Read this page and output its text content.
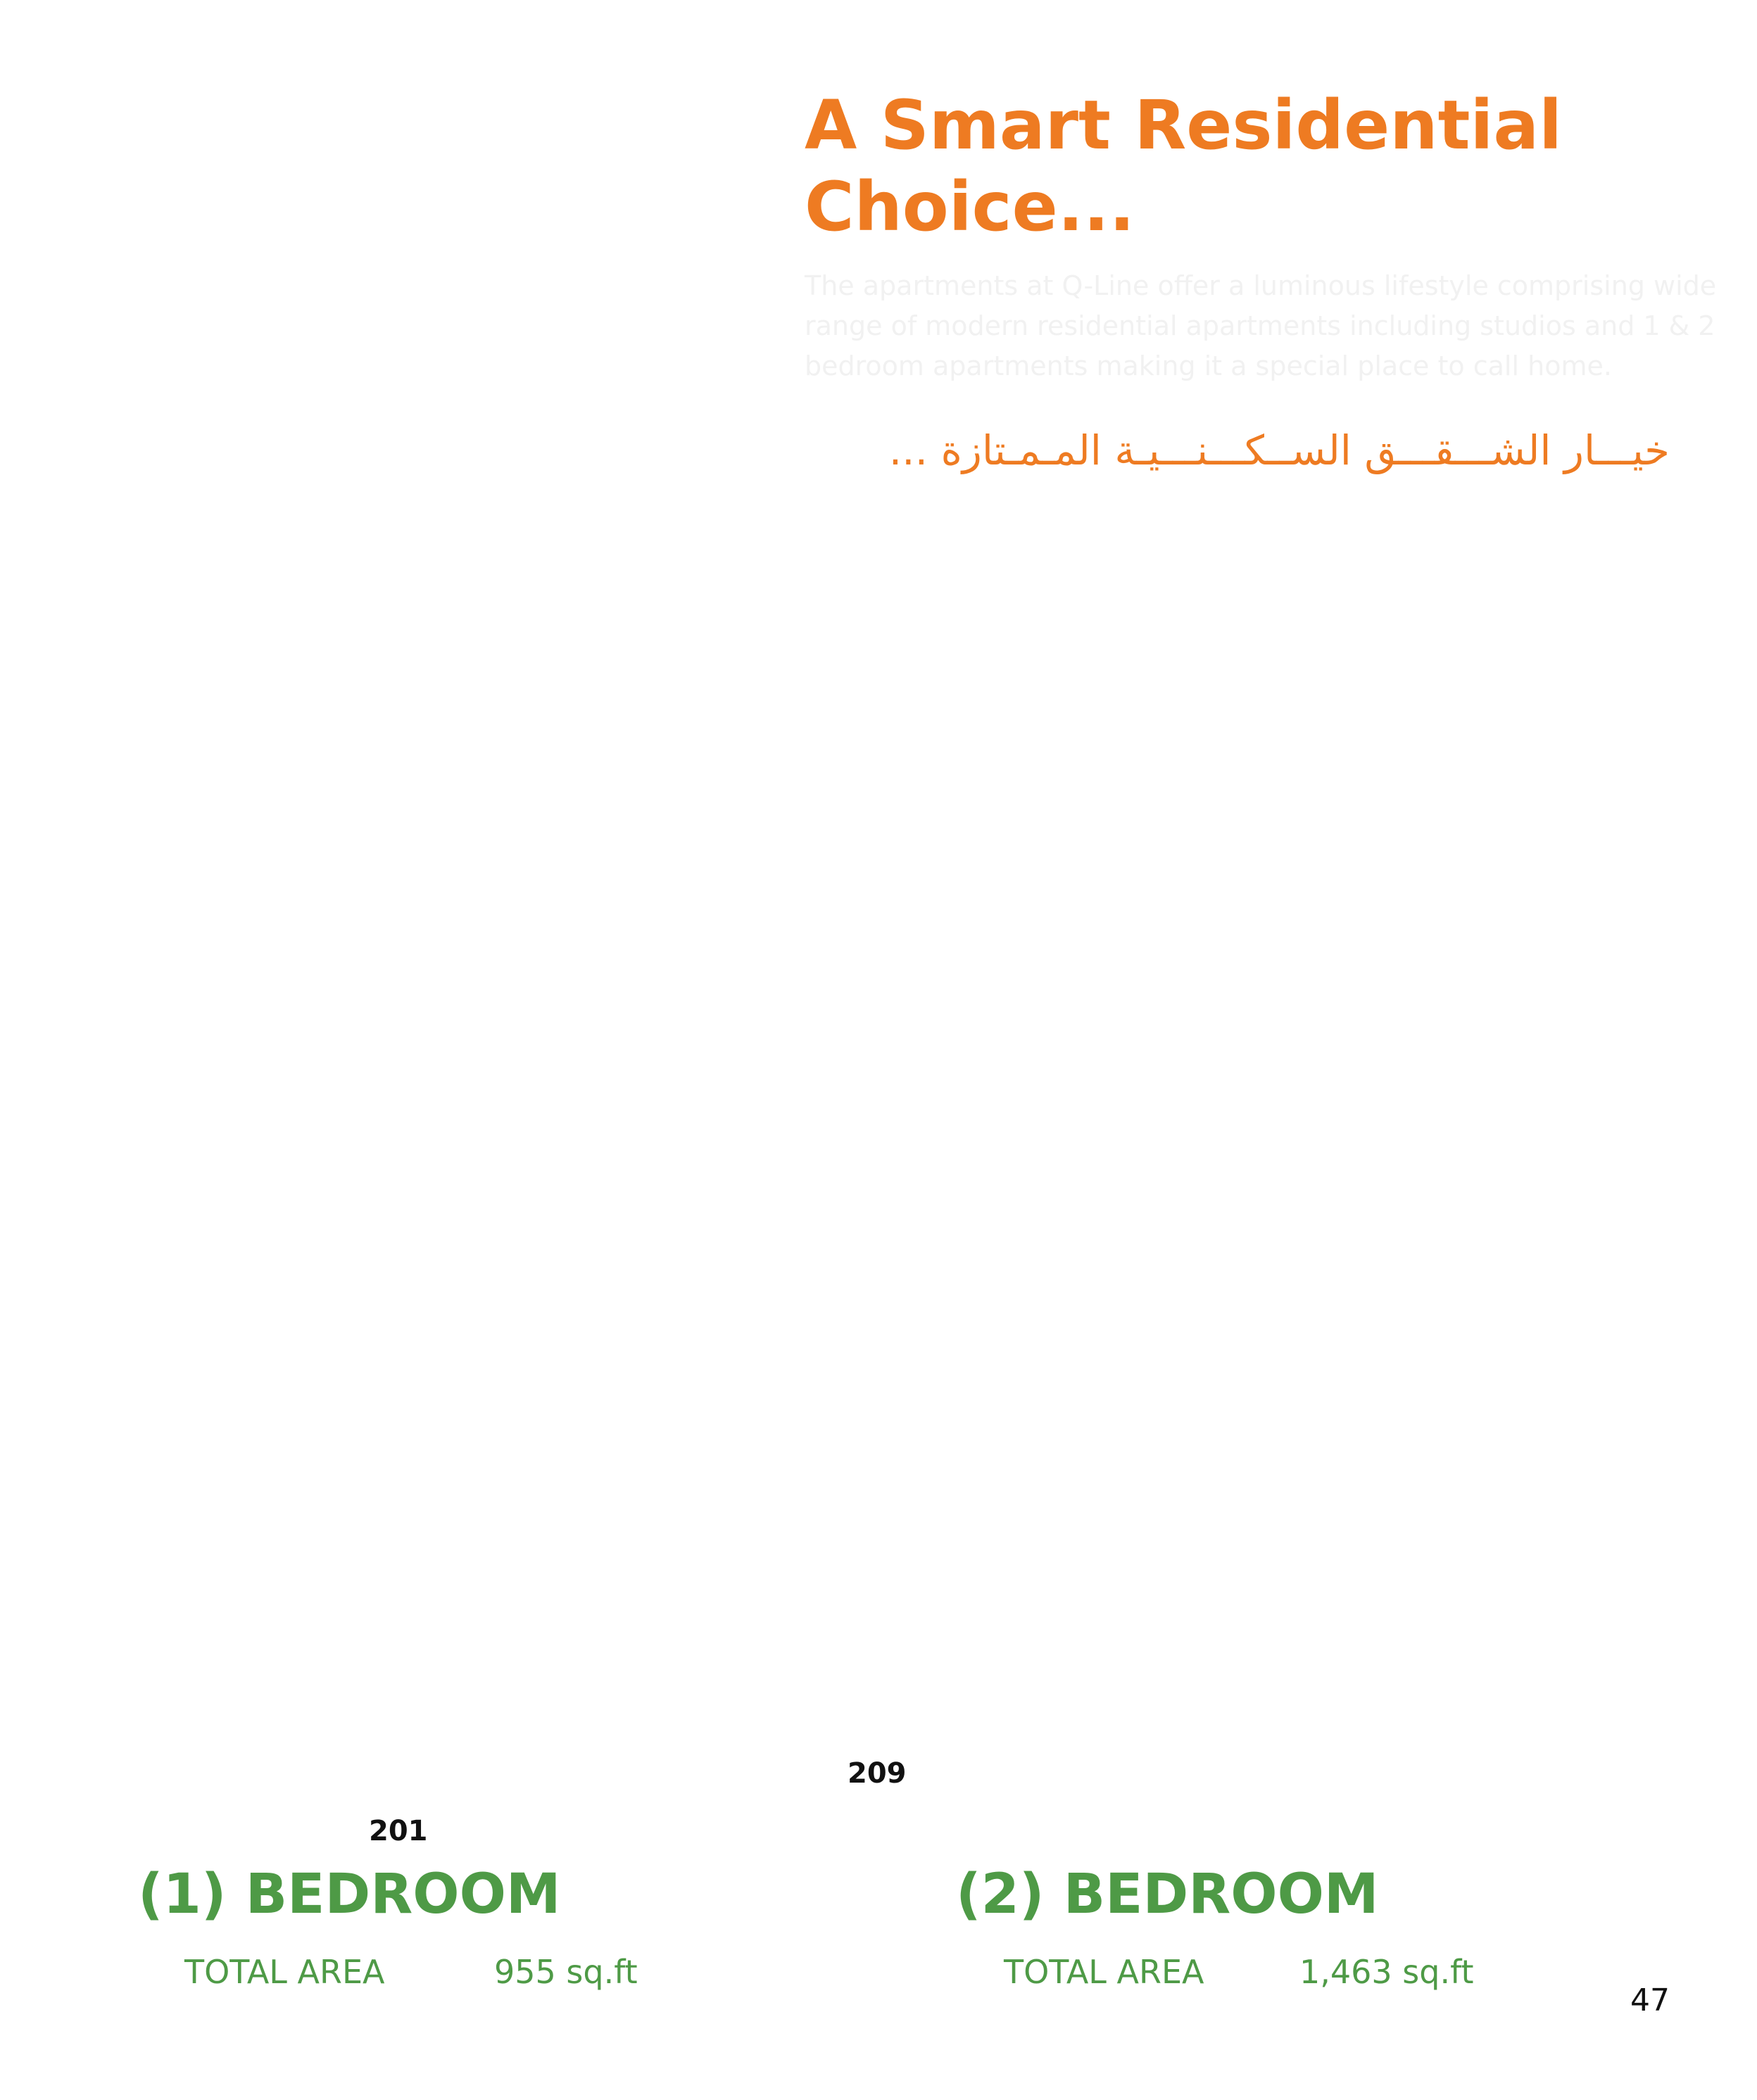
A Smart Residential
Choice...

The apartments at Q-Line offer a luminous lifestyle comprising wide
range of modern residential apartments including studios and 1 & 2
bedroom apartments making it a special place to call home.

خيـــار الشـــقـــق الســكـــنـــيـة المـمـتازة ...

201
(1) BEDROOM
TOTAL AREA	955 sq.ft
209
(2) BEDROOM
TOTAL AREA	1,463 sq.ft
47
